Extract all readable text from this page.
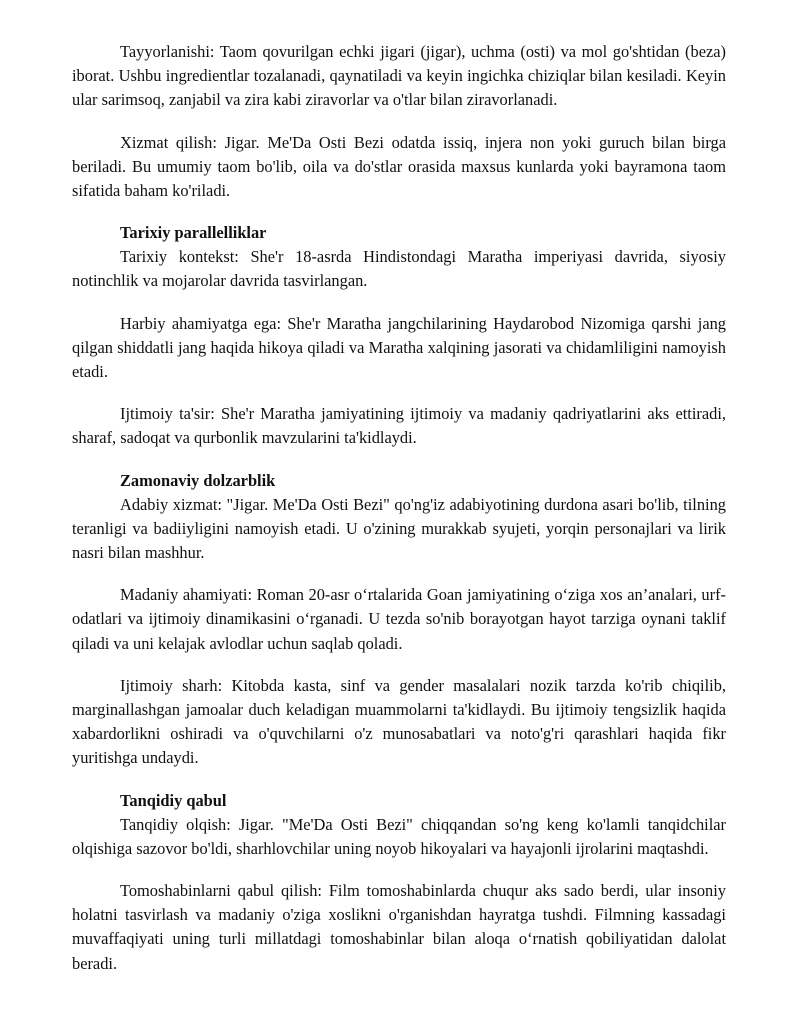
Tayyorlanishi: Taom qovurilgan echki jigari (jigar), uchma (osti) va mol go'shtidan (beza) iborat. Ushbu ingredientlar tozalanadi, qaynatiladi va keyin ingichka chiziqlar bilan kesiladi. Keyin ular sarimsoq, zanjabil va zira kabi ziravorlar va o'tlar bilan ziravorlanadi.

Xizmat qilish: Jigar. Me'Da Osti Bezi odatda issiq, injera non yoki guruch bilan birga beriladi. Bu umumiy taom bo'lib, oila va do'stlar orasida maxsus kunlarda yoki bayramona taom sifatida baham ko'riladi.

Tarixiy parallelliklar

Tarixiy kontekst: She'r 18-asrda Hindistondagi Maratha imperiyasi davrida, siyosiy notinchlik va mojarolar davrida tasvirlangan.

Harbiy ahamiyatga ega: She'r Maratha jangchilarining Haydarobod Nizomiga qarshi jang qilgan shiddatli jang haqida hikoya qiladi va Maratha xalqining jasorati va chidamliligini namoyish etadi.

Ijtimoiy ta'sir: She'r Maratha jamiyatining ijtimoiy va madaniy qadriyatlarini aks ettiradi, sharaf, sadoqat va qurbonlik mavzularini ta'kidlaydi.

Zamonaviy dolzarblik

Adabiy xizmat: "Jigar. Me'Da Osti Bezi" qo'ng'iz adabiyotining durdona asari bo'lib, tilning teranligi va badiiyligini namoyish etadi. U o'zining murakkab syujeti, yorqin personajlari va lirik nasri bilan mashhur.

Madaniy ahamiyati: Roman 20-asr o‘rtalarida Goan jamiyatining o‘ziga xos an’analari, urf-odatlari va ijtimoiy dinamikasini o‘rganadi. U tezda so'nib borayotgan hayot tarziga oynani taklif qiladi va uni kelajak avlodlar uchun saqlab qoladi.

Ijtimoiy sharh: Kitobda kasta, sinf va gender masalalari nozik tarzda ko'rib chiqilib, marginallashgan jamoalar duch keladigan muammolarni ta'kidlaydi. Bu ijtimoiy tengsizlik haqida xabardorlikni oshiradi va o'quvchilarni o'z munosabatlari va noto'g'ri qarashlari haqida fikr yuritishga undaydi.

Tanqidiy qabul

Tanqidiy olqish: Jigar. "Me'Da Osti Bezi" chiqqandan so'ng keng ko'lamli tanqidchilar olqishiga sazovor bo'ldi, sharhlovchilar uning noyob hikoyalari va hayajonli ijrolarini maqtashdi.

Tomoshabinlarni qabul qilish: Film tomoshabinlarda chuqur aks sado berdi, ular insoniy holatni tasvirlash va madaniy o'ziga xoslikni o'rganishdan hayratga tushdi. Filmning kassadagi muvaffaqiyati uning turli millatdagi tomoshabinlar bilan aloqa o‘rnatish qobiliyatidan dalolat beradi.
